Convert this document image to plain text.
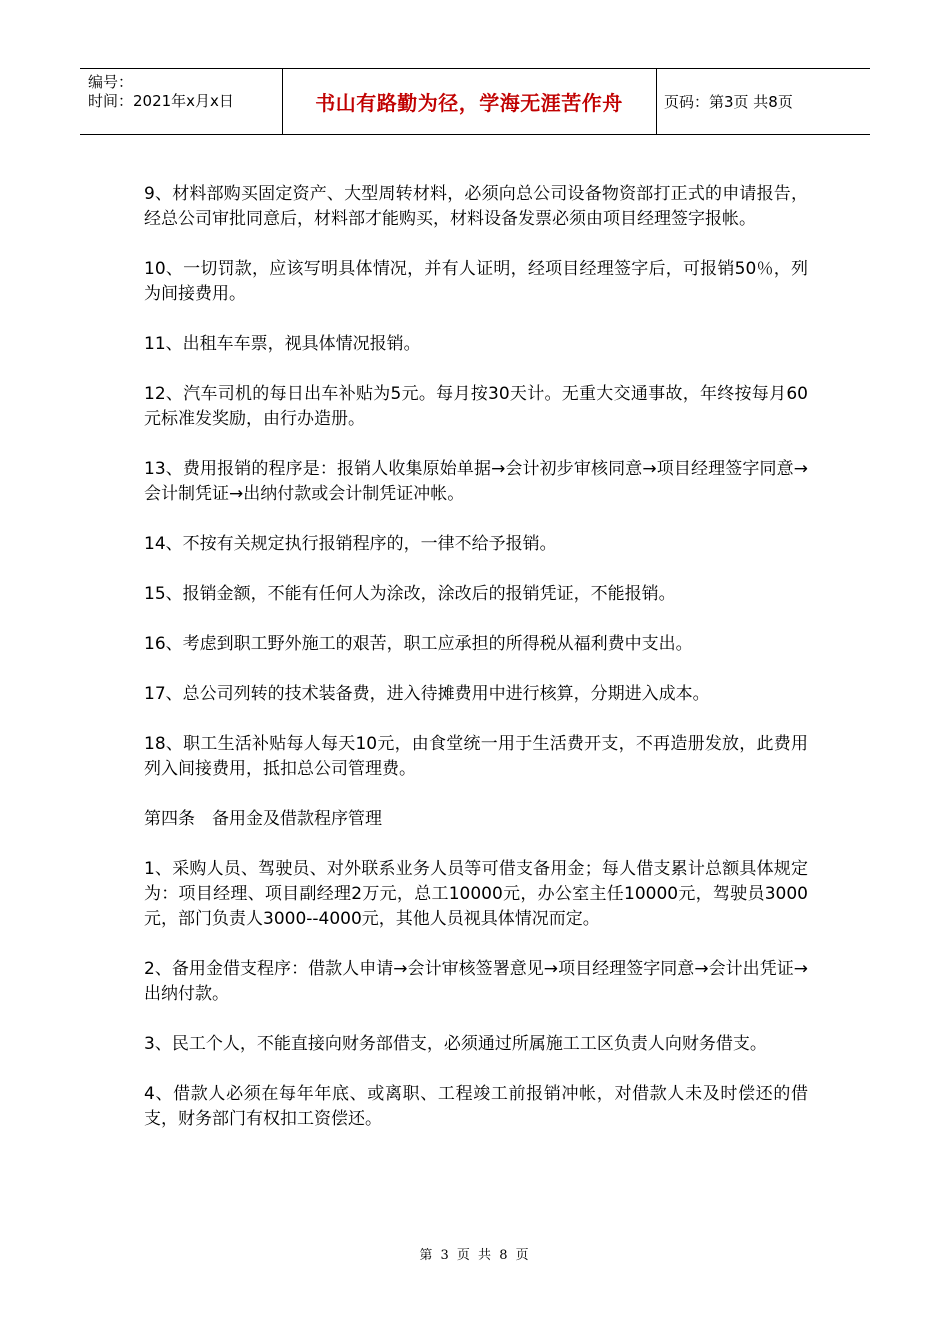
编号：
时间：2021年x月x日	书山有路勤为径，学海无涯苦作舟	页码：第3页 共8页

9、材料部购买固定资产、大型周转材料，必须向总公司设备物资部打正式的申请报告，经总公司审批同意后，材料部才能购买，材料设备发票必须由项目经理签字报帐。

10、一切罚款，应该写明具体情况，并有人证明，经项目经理签字后，可报销50％，列为间接费用。

11、出租车车票，视具体情况报销。

12、汽车司机的每日出车补贴为5元。每月按30天计。无重大交通事故，年终按每月60元标准发奖励，由行办造册。

13、费用报销的程序是：报销人收集原始单据→会计初步审核同意→项目经理签字同意→会计制凭证→出纳付款或会计制凭证冲帐。

14、不按有关规定执行报销程序的，一律不给予报销。

15、报销金额，不能有任何人为涂改，涂改后的报销凭证，不能报销。

16、考虑到职工野外施工的艰苦，职工应承担的所得税从福利费中支出。

17、总公司列转的技术装备费，进入待摊费用中进行核算，分期进入成本。

18、职工生活补贴每人每天10元，由食堂统一用于生活费开支，不再造册发放，此费用列入间接费用，抵扣总公司管理费。

第四条　备用金及借款程序管理

1、采购人员、驾驶员、对外联系业务人员等可借支备用金；每人借支累计总额具体规定为：项目经理、项目副经理2万元，总工10000元，办公室主任10000元，驾驶员3000元，部门负责人3000--4000元，其他人员视具体情况而定。

2、备用金借支程序：借款人申请→会计审核签署意见→项目经理签字同意→会计出凭证→出纳付款。

3、民工个人，不能直接向财务部借支，必须通过所属施工工区负责人向财务借支。

4、借款人必须在每年年底、或离职、工程竣工前报销冲帐，对借款人未及时偿还的借支，财务部门有权扣工资偿还。

第 3 页 共 8 页
